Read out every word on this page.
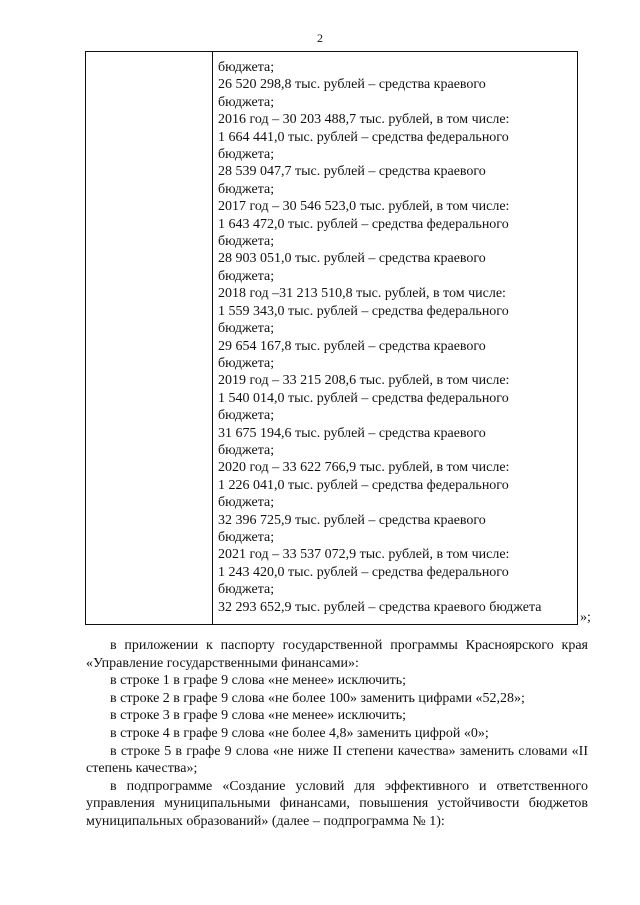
2
бюджета;
26 520 298,8 тыс. рублей – средства краевого
бюджета;
2016 год – 30 203 488,7 тыс. рублей, в том числе:
1 664 441,0 тыс. рублей – средства федерального
бюджета;
28 539 047,7 тыс. рублей – средства краевого
бюджета;
2017 год – 30 546 523,0 тыс. рублей, в том числе:
1 643 472,0 тыс. рублей – средства федерального
бюджета;
28 903 051,0 тыс. рублей – средства краевого
бюджета;
2018 год –31 213 510,8 тыс. рублей, в том числе:
1 559 343,0 тыс. рублей – средства федерального
бюджета;
29 654 167,8 тыс. рублей – средства краевого
бюджета;
2019 год – 33 215 208,6 тыс. рублей, в том числе:
1 540 014,0 тыс. рублей – средства федерального
бюджета;
31 675 194,6 тыс. рублей – средства краевого
бюджета;
2020 год – 33 622 766,9 тыс. рублей, в том числе:
1 226 041,0 тыс. рублей – средства федерального
бюджета;
32 396 725,9 тыс. рублей – средства краевого
бюджета;
2021 год – 33 537 072,9 тыс. рублей, в том числе:
1 243 420,0 тыс. рублей – средства федерального
бюджета;
32 293 652,9 тыс. рублей – средства краевого бюджета
»;

в приложении к паспорту государственной программы Красноярского края «Управление государственными финансами»:

в строке 1 в графе 9 слова «не менее» исключить;

в строке 2 в графе 9 слова «не более 100» заменить цифрами «52,28»;

в строке 3 в графе 9 слова «не менее» исключить;

в строке 4 в графе 9 слова «не более 4,8» заменить цифрой «0»;

в строке 5 в графе 9 слова «не ниже II степени качества» заменить словами «II степень качества»;

в подпрограмме «Создание условий для эффективного и ответственного управления муниципальными финансами, повышения устойчивости бюджетов муниципальных образований» (далее – подпрограмма № 1):
